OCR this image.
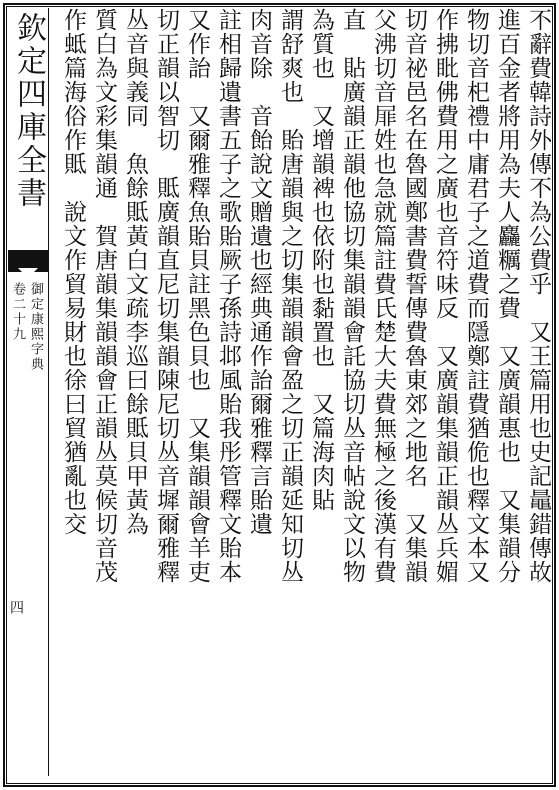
欽定四庫全書
御定康熙字典
卷二十九
四
不辭費韓詩外傳不為公費乎　又王篇用也史記鼂錯傳故
進百金者將用為夫人麤糲之費　又廣韻惠也　又集韻分
物切音𣏌禮中庸君子之道費而隱鄭註費猶佹也釋文本又
作拂䀝佛費用之廣也音符味反　又廣韻集韻正韻丛兵媚
切音祕邑名在魯國鄭書費誓傳費魯東郊之地名　又集韻
父沸切音屝姓也急就篇註費氏楚大夫費無極之後漢有費
直　貼廣韻正韻他協切集韻韻會託協切丛音帖說文以物
為質也　又增韻裨也依附也黏置也　又篇海肉貼
謂舒爽也　貽唐韻與之切集韻韻會盈之切正韻延知切丛
肉音除　音飴說文贈遺也經典通作詒爾雅釋言貽遺
註相歸遺書五子之歌貽厥子孫詩邶風貽我彤管釋文貽本
又作詒　又爾雅釋魚貽貝註黑色貝也　又集韻韻會羊吏
切正韻以智切　貾廣韻直尼切集韻陳尼切丛音墀爾雅釋
丛音與義同　魚餘貾黃白文疏李巡曰餘貾貝甲黃為
質白為文彩集韻通　賀唐韻集韻韻會正韻丛莫候切音茂
作蚳篇海俗作貾　說文作貿易財也徐曰貿猶亂也交
